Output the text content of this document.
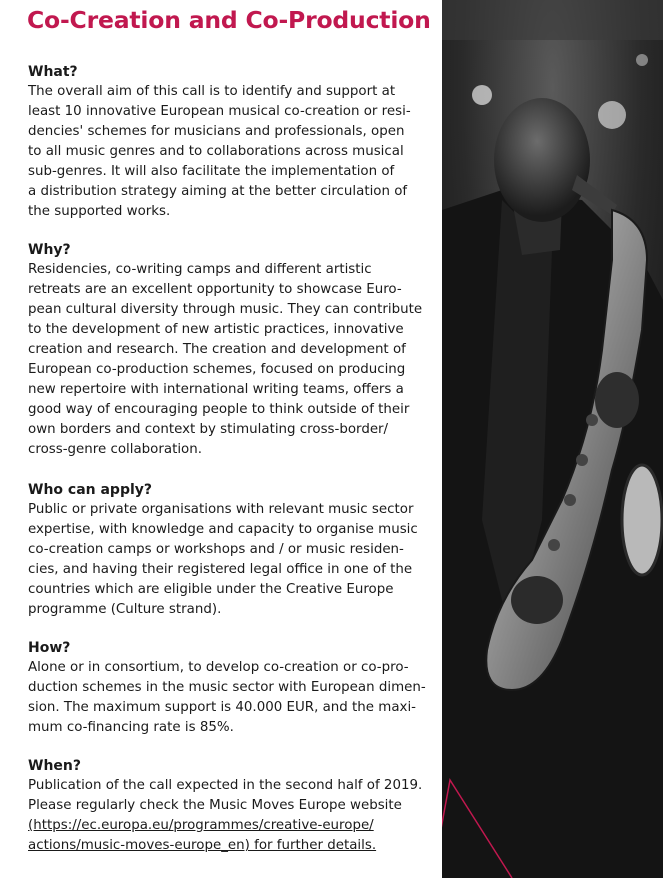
Co-Creation and Co-Production
What?
The overall aim of this call is to identify and support at
least 10 innovative European musical co-creation or resi-
dencies' schemes for musicians and professionals, open
to all music genres and to collaborations across musical
sub-genres. It will also facilitate the implementation of
a distribution strategy aiming at the better circulation of
the supported works.
Why?
Residencies, co-writing camps and different artistic
retreats are an excellent opportunity to showcase Euro-
pean cultural diversity through music. They can contribute
to the development of new artistic practices, innovative
creation and research. The creation and development of
European co-production schemes, focused on producing
new repertoire with international writing teams, offers a
good way of encouraging people to think outside of their
own borders and context by stimulating cross-border/
cross-genre collaboration.
Who can apply?
Public or private organisations with relevant music sector
expertise, with knowledge and capacity to organise music
co-creation camps or workshops and / or music residen-
cies, and having their registered legal office in one of the
countries which are eligible under the Creative Europe
programme (Culture strand).
How?
Alone or in consortium, to develop co-creation or co-pro-
duction schemes in the music sector with European dimen-
sion. The maximum support is 40.000 EUR, and the maxi-
mum co-financing rate is 85%.
When?
Publication of the call expected in the second half of 2019.
Please regularly check the Music Moves Europe website
(https://ec.europa.eu/programmes/creative-europe/
actions/music-moves-europe_en) for further details.
